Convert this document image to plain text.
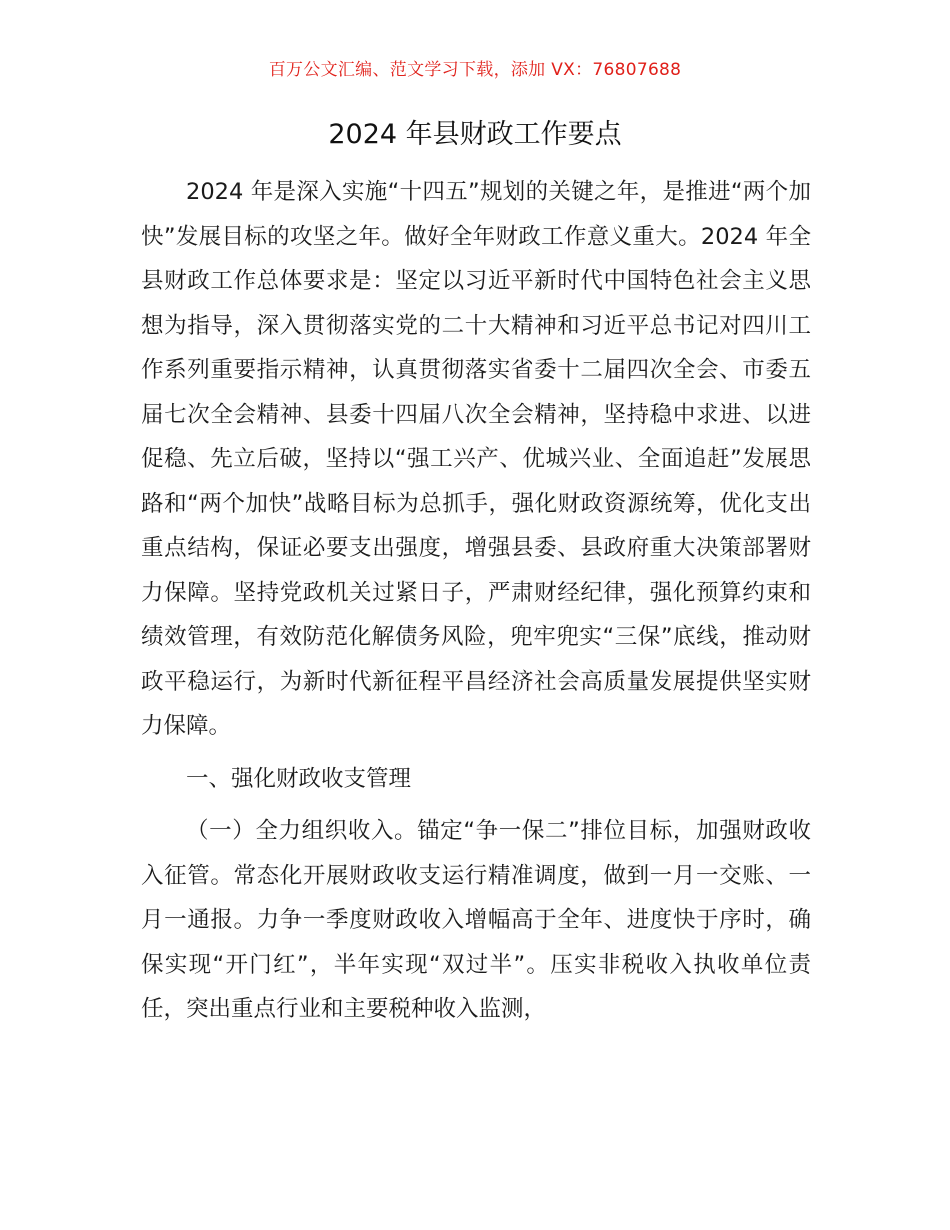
百万公文汇编、范文学习下载，添加 VX：76807688
2024 年县财政工作要点

2024 年是深入实施“十四五”规划的关键之年，是推进“两个加快”发展目标的攻坚之年。做好全年财政工作意义重大。2024 年全县财政工作总体要求是：坚定以习近平新时代中国特色社会主义思想为指导，深入贯彻落实党的二十大精神和习近平总书记对四川工作系列重要指示精神，认真贯彻落实省委十二届四次全会、市委五届七次全会精神、县委十四届八次全会精神，坚持稳中求进、以进促稳、先立后破，坚持以“强工兴产、优城兴业、全面追赶”发展思路和“两个加快”战略目标为总抓手，强化财政资源统筹，优化支出重点结构，保证必要支出强度，增强县委、县政府重大决策部署财力保障。坚持党政机关过紧日子，严肃财经纪律，强化预算约束和绩效管理，有效防范化解债务风险，兜牢兜实“三保”底线，推动财政平稳运行，为新时代新征程平昌经济社会高质量发展提供坚实财力保障。

一、强化财政收支管理

（一）全力组织收入。锚定“争一保二”排位目标，加强财政收入征管。常态化开展财政收支运行精准调度，做到一月一交账、一月一通报。力争一季度财政收入增幅高于全年、进度快于序时，确保实现“开门红”，半年实现“双过半”。压实非税收入执收单位责任，突出重点行业和主要税种收入监测，
